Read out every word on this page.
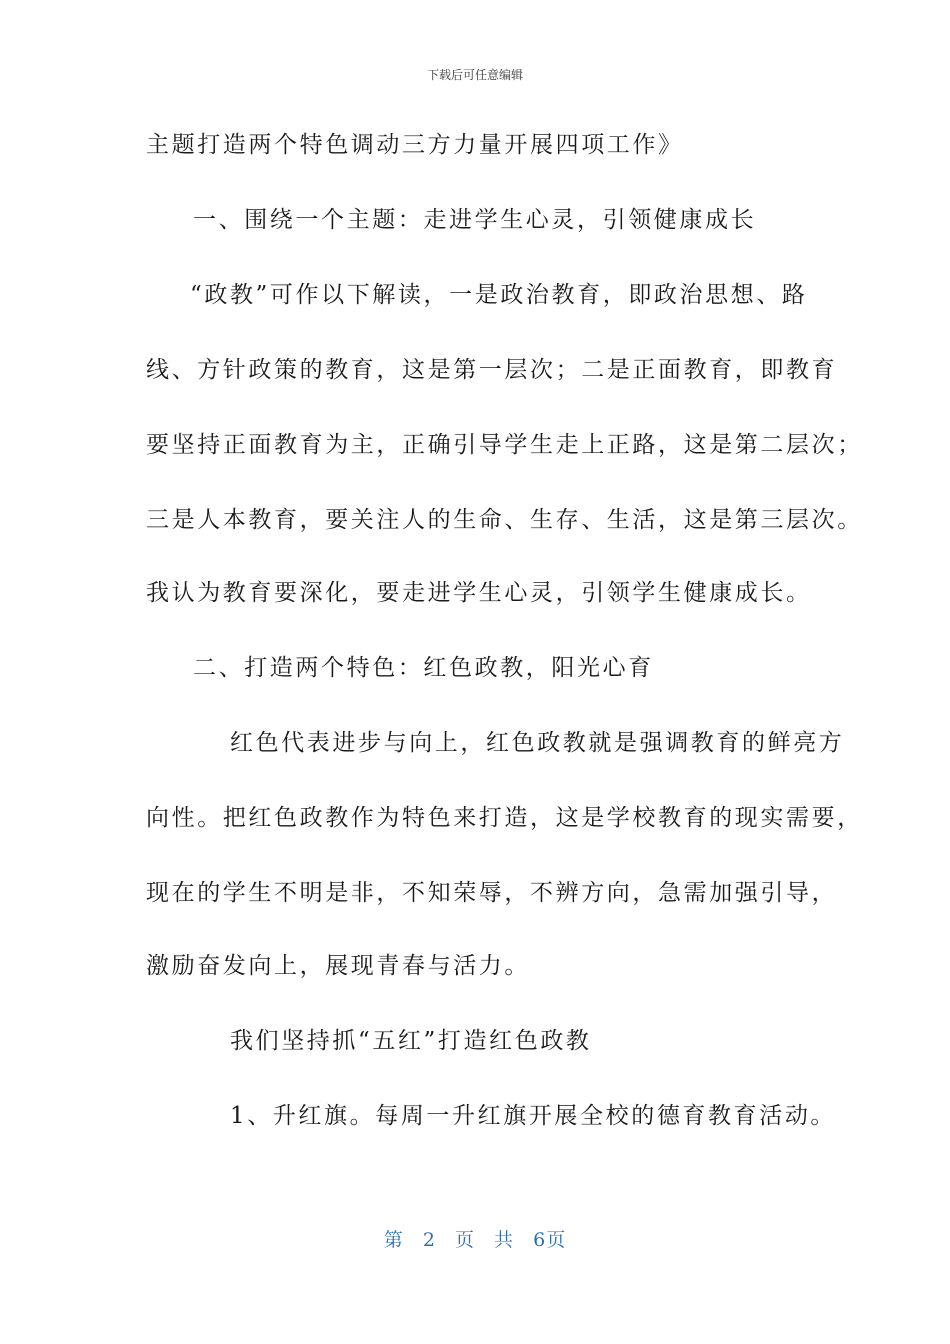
下载后可任意编辑
主题打造两个特色调动三方力量开展四项工作》
一、围绕一个主题：走进学生心灵，引领健康成长
“政教”可作以下解读，一是政治教育，即政治思想、路
线、方针政策的教育，这是第一层次；二是正面教育，即教育
要坚持正面教育为主，正确引导学生走上正路，这是第二层次；
三是人本教育，要关注人的生命、生存、生活，这是第三层次。
我认为教育要深化，要走进学生心灵，引领学生健康成长。
二、打造两个特色：红色政教，阳光心育
红色代表进步与向上，红色政教就是强调教育的鲜亮方
向性。把红色政教作为特色来打造，这是学校教育的现实需要，
现在的学生不明是非，不知荣辱，不辨方向，急需加强引导，
激励奋发向上，展现青春与活力。
我们坚持抓“五红”打造红色政教
1、升红旗。每周一升红旗开展全校的德育教育活动。
第 2 页 共 6页
